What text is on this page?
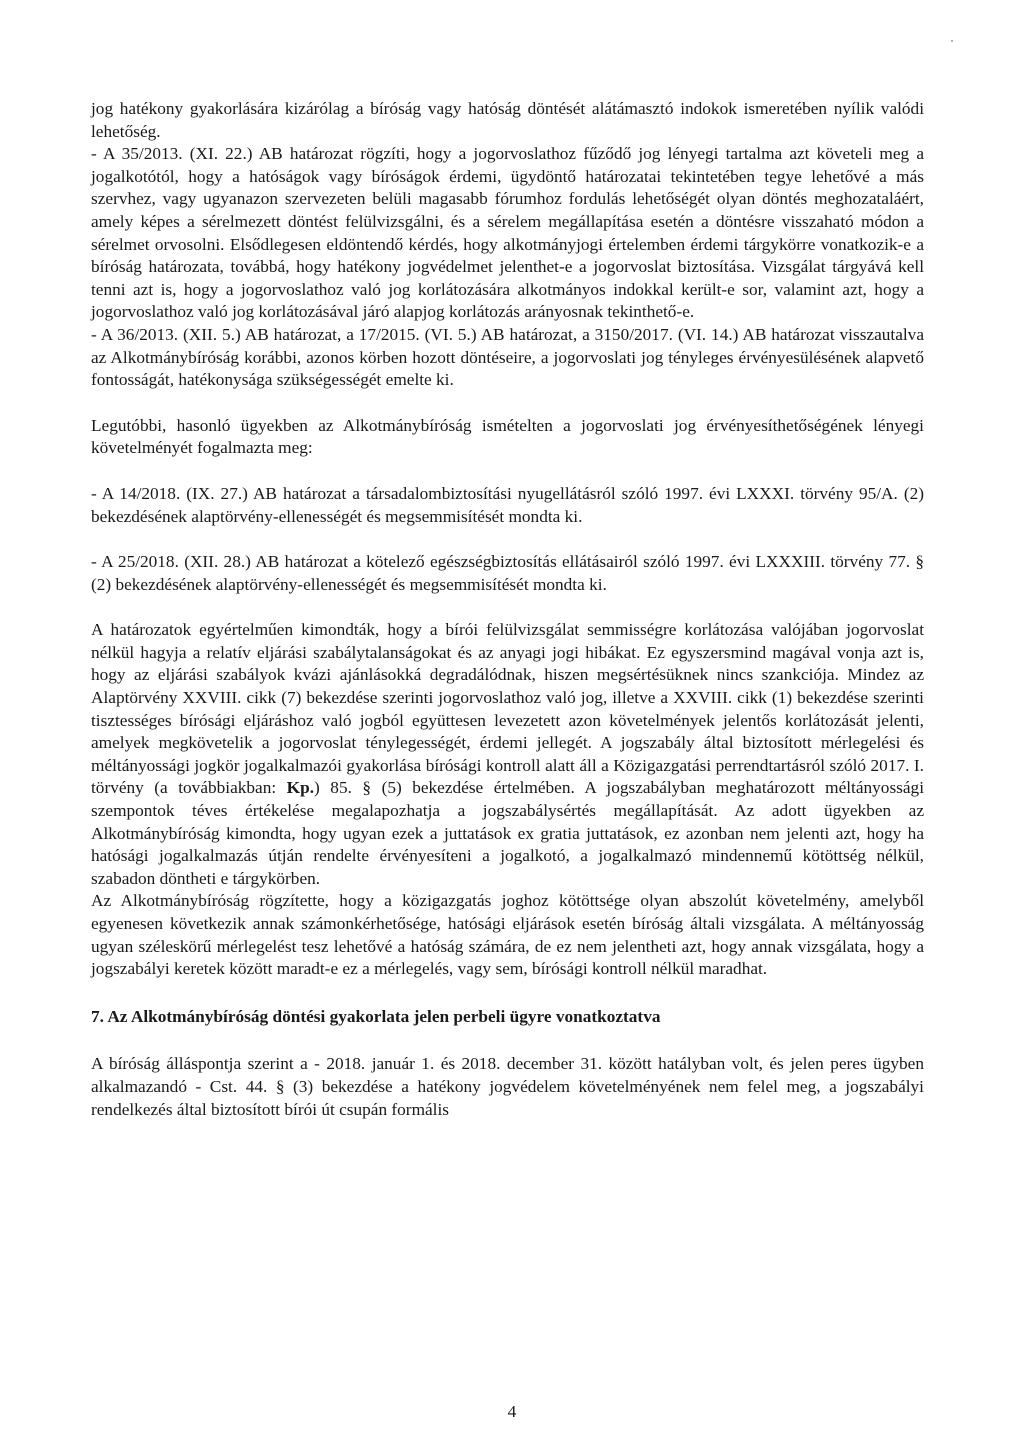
jog hatékony gyakorlására kizárólag a bíróság vagy hatóság döntését alátámasztó indokok ismeretében nyílik valódi lehetőség.

- A 35/2013. (XI. 22.) AB határozat rögzíti, hogy a jogorvoslathoz fűződő jog lényegi tartalma azt követeli meg a jogalkotótól, hogy a hatóságok vagy bíróságok érdemi, ügydöntő határozatai tekintetében tegye lehetővé a más szervhez, vagy ugyanazon szervezeten belüli magasabb fórumhoz fordulás lehetőségét olyan döntés meghozataláért, amely képes a sérelmezett döntést felülvizsgálni, és a sérelem megállapítása esetén a döntésre visszaható módon a sérelmet orvosolni. Elsődlegesen eldöntendő kérdés, hogy alkotmányjogi értelemben érdemi tárgykörre vonatkozik-e a bíróság határozata, továbbá, hogy hatékony jogvédelmet jelenthet-e a jogorvoslat biztosítása. Vizsgálat tárgyává kell tenni azt is, hogy a jogorvoslathoz való jog korlátozására alkotmányos indokkal került-e sor, valamint azt, hogy a jogorvoslathoz való jog korlátozásával járó alapjog korlátozás arányosnak tekinthető-e.

- A 36/2013. (XII. 5.) AB határozat, a 17/2015. (VI. 5.) AB határozat, a 3150/2017. (VI. 14.) AB határozat visszautalva az Alkotmánybíróság korábbi, azonos körben hozott döntéseire, a jogorvoslati jog tényleges érvényesülésének alapvető fontosságát, hatékonysága szükségességét emelte ki.

Legutóbbi, hasonló ügyekben az Alkotmánybíróság ismételten a jogorvoslati jog érvényesíthetőségének lényegi követelményét fogalmazta meg:

- A 14/2018. (IX. 27.) AB határozat a társadalombiztosítási nyugellátásról szóló 1997. évi LXXXI. törvény 95/A. (2) bekezdésének alaptörvény-ellenességét és megsemmisítését mondta ki.

- A 25/2018. (XII. 28.) AB határozat a kötelező egészségbiztosítás ellátásairól szóló 1997. évi LXXXIII. törvény 77. § (2) bekezdésének alaptörvény-ellenességét és megsemmisítését mondta ki.

A határozatok egyértelműen kimondták, hogy a bírói felülvizsgálat semmisségre korlátozása valójában jogorvoslat nélkül hagyja a relatív eljárási szabálytalanságokat és az anyagi jogi hibákat. Ez egyszersmind magával vonja azt is, hogy az eljárási szabályok kvázi ajánlásokká degradálódnak, hiszen megsértésüknek nincs szankciója. Mindez az Alaptörvény XXVIII. cikk (7) bekezdése szerinti jogorvoslathoz való jog, illetve a XXVIII. cikk (1) bekezdése szerinti tisztességes bírósági eljáráshoz való jogból együttesen levezetett azon követelmények jelentős korlátozását jelenti, amelyek megkövetelik a jogorvoslat ténylegességét, érdemi jellegét. A jogszabály által biztosított mérlegelési és méltányossági jogkör jogalkalmazói gyakorlása bírósági kontroll alatt áll a Közigazgatási perrendtartásról szóló 2017. I. törvény (a továbbiakban: Kp.) 85. § (5) bekezdése értelmében. A jogszabályban meghatározott méltányossági szempontok téves értékelése megalapozhatja a jogszabálysértés megállapítását. Az adott ügyekben az Alkotmánybíróság kimondta, hogy ugyan ezek a juttatások ex gratia juttatások, ez azonban nem jelenti azt, hogy ha hatósági jogalkalmazás útján rendelte érvényesíteni a jogalkotó, a jogalkalmazó mindennemű kötöttség nélkül, szabadon döntheti e tárgykörben.

Az Alkotmánybíróság rögzítette, hogy a közigazgatás joghoz kötöttsége olyan abszolút követelmény, amelyből egyenesen következik annak számonkérhetősége, hatósági eljárások esetén bíróság általi vizsgálata. A méltányosság ugyan széleskörű mérlegelést tesz lehetővé a hatóság számára, de ez nem jelentheti azt, hogy annak vizsgálata, hogy a jogszabályi keretek között maradt-e ez a mérlegelés, vagy sem, bírósági kontroll nélkül maradhat.

7. Az Alkotmánybíróság döntési gyakorlata jelen perbeli ügyre vonatkoztatva

A bíróság álláspontja szerint a - 2018. január 1. és 2018. december 31. között hatályban volt, és jelen peres ügyben alkalmazandó - Cst. 44. § (3) bekezdése a hatékony jogvédelem követelményének nem felel meg, a jogszabályi rendelkezés által biztosított bírói út csupán formális

4
